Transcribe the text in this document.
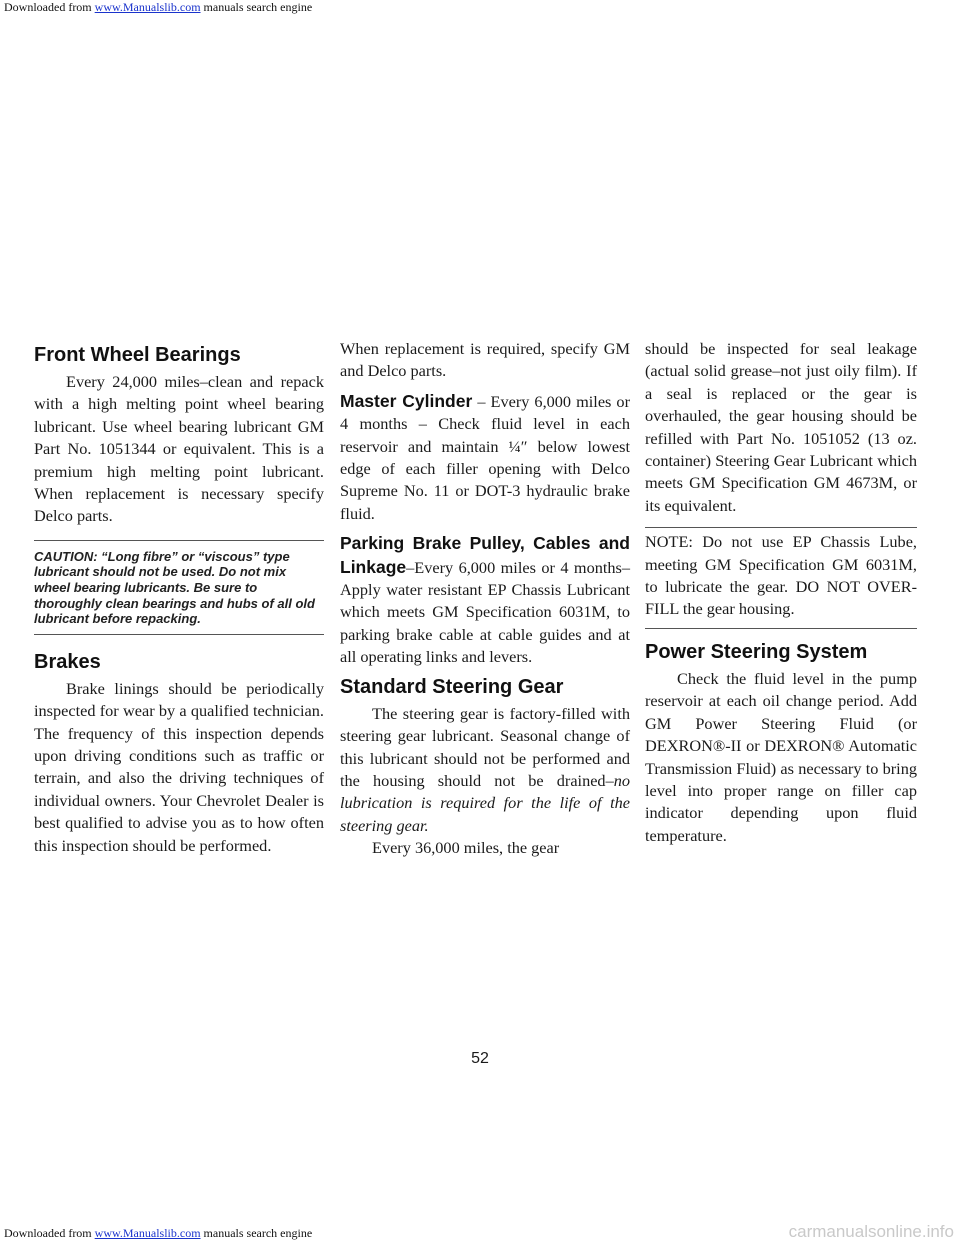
Downloaded from www.Manualslib.com manuals search engine
Front Wheel Bearings

Every 24,000 miles–clean and repack with a high melting point wheel bearing lubricant. Use wheel bearing lubricant GM Part No. 1051344 or equivalent. This is a premium high melting point lubricant. When replacement is necessary specify Delco parts.

CAUTION: “Long fibre” or “viscous” type lubricant should not be used. Do not mix wheel bearing lubricants. Be sure to thoroughly clean bearings and hubs of all old lubricant before repacking.
Brakes

Brake linings should be periodically inspected for wear by a qualified technician. The frequency of this inspection depends upon driving conditions such as traffic or terrain, and also the driving techniques of individual owners. Your Chevrolet Dealer is best qualified to advise you as to how often this inspection should be performed.

When replacement is required, specify GM and Delco parts.

Master Cylinder – Every 6,000 miles or 4 months – Check fluid level in each reservoir and maintain ¼″ below lowest edge of each filler opening with Delco Supreme No. 11 or DOT-3 hydraulic brake fluid.

Parking Brake Pulley, Cables and Linkage–Every 6,000 miles or 4 months–Apply water resistant EP Chassis Lubricant which meets GM Specification 6031M, to parking brake cable at cable guides and at all operating links and levers.

Standard Steering Gear

The steering gear is factory-filled with steering gear lubricant. Seasonal change of this lubricant should not be performed and the housing should not be drained–no lubrication is required for the life of the steering gear.

Every 36,000 miles, the gear

should be inspected for seal leakage (actual solid grease–not just oily film). If a seal is replaced or the gear is overhauled, the gear housing should be refilled with Part No. 1051052 (13 oz. container) Steering Gear Lubricant which meets GM Specification GM 4673M, or its equivalent.

NOTE: Do not use EP Chassis Lube, meeting GM Specification GM 6031M, to lubricate the gear. DO NOT OVER-FILL the gear housing.
Power Steering System

Check the fluid level in the pump reservoir at each oil change period. Add GM Power Steering Fluid (or DEXRON®-II or DEXRON® Automatic Transmission Fluid) as necessary to bring level into proper range on filler cap indicator depending upon fluid temperature.

52
Downloaded from www.Manualslib.com manuals search engine	carmanualsonline.info
